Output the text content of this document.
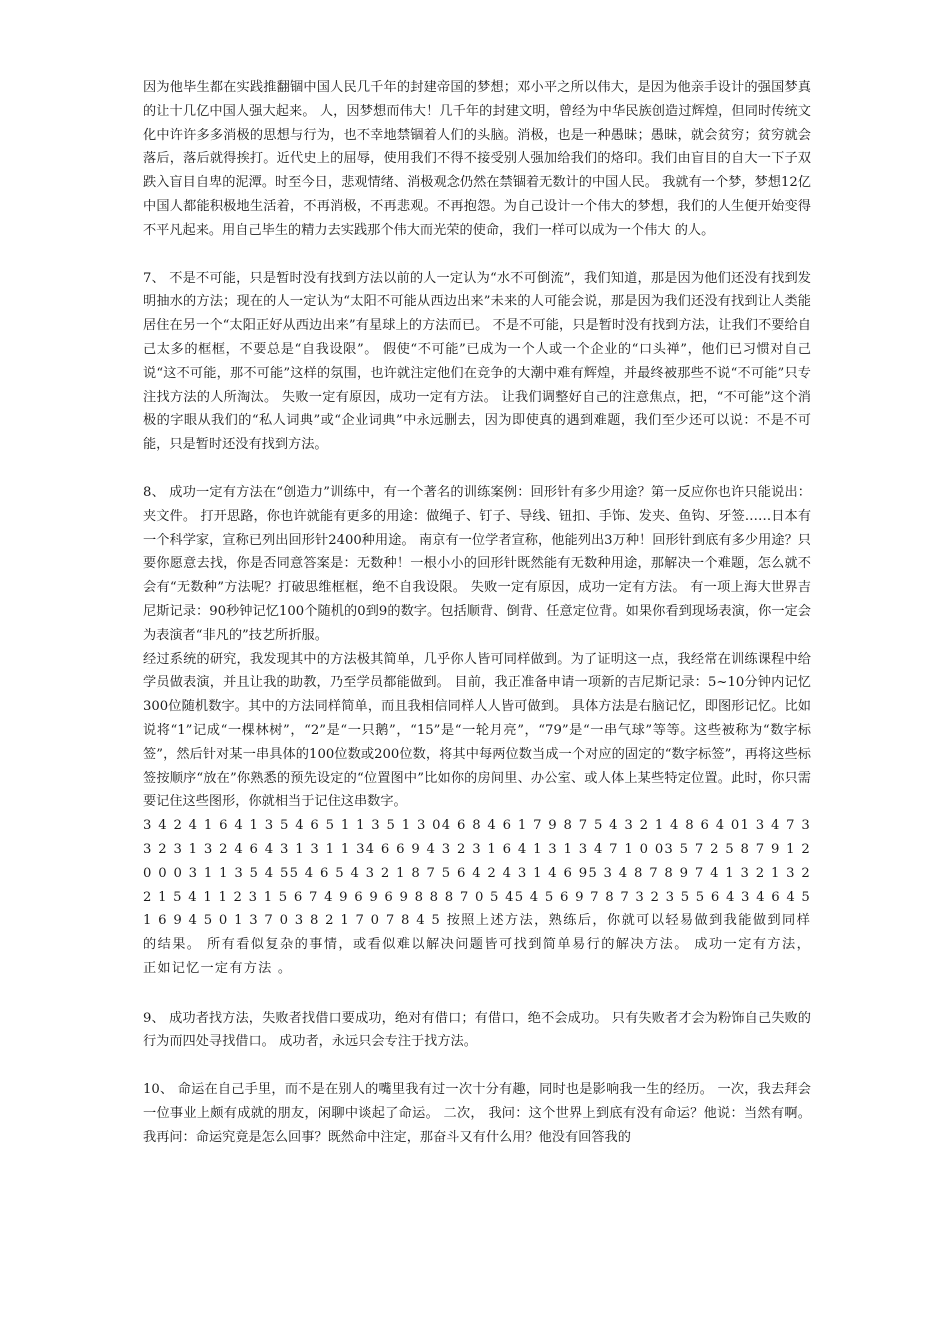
因为他毕生都在实践推翻锢中国人民几千年的封建帝国的梦想；邓小平之所以伟大，是因为他亲手设计的强国梦真的让十几亿中国人强大起来。 人，因梦想而伟大！几千年的封建文明，曾经为中华民族创造过辉煌，但同时传统文化中许许多多消极的思想与行为，也不幸地禁锢着人们的头脑。消极，也是一种愚昧；愚昧，就会贫穷；贫穷就会落后，落后就得挨打。近代史上的屈辱，使用我们不得不接受别人强加给我们的烙印。我们由盲目的自大一下子双跌入盲目自卑的泥潭。时至今日，悲观情绪、消极观念仍然在禁锢着无数计的中国人民。 我就有一个梦，梦想12亿中国人都能积极地生活着，不再消极，不再悲观。不再抱怨。为自己设计一个伟大的梦想，我们的人生便开始变得不平凡起来。用自己毕生的精力去实践那个伟大而光荣的使命，我们一样可以成为一个伟大 的人。

7、 不是不可能，只是暂时没有找到方法以前的人一定认为“水不可倒流”，我们知道，那是因为他们还没有找到发明抽水的方法；现在的人一定认为“太阳不可能从西边出来”未来的人可能会说，那是因为我们还没有找到让人类能居住在另一个“太阳正好从西边出来”有星球上的方法而已。 不是不可能，只是暂时没有找到方法，让我们不要给自己太多的框框，不要总是“自我设限”。 假使“不可能”已成为一个人或一个企业的“口头禅”，他们已习惯对自己说“这不可能，那不可能”这样的氛围，也许就注定他们在竞争的大潮中难有辉煌，并最终被那些不说“不可能”只专注找方法的人所淘汰。 失败一定有原因，成功一定有方法。 让我们调整好自己的注意焦点，把，“不可能”这个消极的字眼从我们的“私人词典”或“企业词典”中永远删去，因为即使真的遇到难题，我们至少还可以说：不是不可能，只是暂时还没有找到方法。

8、 成功一定有方法在“创造力”训练中，有一个著名的训练案例：回形针有多少用途？第一反应你也许只能说出：夹文件。 打开思路，你也许就能有更多的用途：做绳子、钉子、导线、钮扣、手饰、发夹、鱼钩、牙签……日本有一个科学家，宣称已列出回形针2400种用途。 南京有一位学者宣称，他能列出3万种！回形针到底有多少用途？只要你愿意去找，你是否同意答案是：无数种！一根小小的回形针既然能有无数种用途，那解决一个难题，怎么就不会有“无数种”方法呢？打破思维框框，绝不自我设限。 失败一定有原因，成功一定有方法。 有一项上海大世界吉尼斯记录：90秒钟记忆100个随机的0到9的数字。包括顺背、倒背、任意定位背。如果你看到现场表演，你一定会为表演者“非凡的”技艺所折服。
经过系统的研究，我发现其中的方法极其简单，几乎你人皆可同样做到。为了证明这一点，我经常在训练课程中给学员做表演，并且让我的助教，乃至学员都能做到。 目前，我正准备申请一项新的吉尼斯记录：5~10分钟内记忆300位随机数字。其中的方法同样简单，而且我相信同样人人皆可做到。 具体方法是右脑记忆，即图形记忆。比如说将“1”记成“一棵林树”，“2”是“一只鹅”，“15”是“一轮月亮”，“79”是“一串气球”等等。这些被称为“数字标签”，然后针对某一串具体的100位数或200位数，将其中每两位数当成一个对应的固定的“数字标签”，再将这些标签按顺序“放在”你熟悉的预先设定的“位置图中”比如你的房间里、办公室、或人体上某些特定位置。此时，你只需要记住这些图形，你就相当于记住这串数字。

3 4 2 4 1 6 4 1 3 5 4 6 5 1 1 3 5 1 3 04 6 8 4 6 1 7 9 8 7 5 4 3 2 1 4 8 6 4 01 3 4 7 3 3 2 3 1 3 2 4 6 4 3 1 3 1 1 34 6 6 9 4 3 2 3 1 6 4 1 3 1 3 4 7 1 0 03 5 7 2 5 8 7 9 1 2 0 0 0 3 1 1 3 5 4 55 4 6 5 4 3 2 1 8 7 5 6 4 2 4 3 1 4 6 95 3 4 8 7 8 9 7 4 1 3 2 1 3 2 2 1 5 4 1 1 2 3 1 5 6 7 4 9 6 9 6 9 8 8 8 7 0 5 45 4 5 6 9 7 8 7 3 2 3 5 5 6 4 3 4 6 4 51 6 9 4 5 0 1 3 7 0 3 8 2 1 7 0 7 8 4 5 按照上述方法，熟练后，你就可以轻易做到我能做到同样的结果。 所有看似复杂的事情，或看似难以解决问题皆可找到简单易行的解决方法。 成功一定有方法，正如记忆一定有方法 。

9、 成功者找方法，失败者找借口要成功，绝对有借口；有借口，绝不会成功。 只有失败者才会为粉饰自己失败的行为而四处寻找借口。 成功者，永远只会专注于找方法。

10、 命运在自己手里，而不是在别人的嘴里我有过一次十分有趣，同时也是影响我一生的经历。 一次，我去拜会一位事业上颇有成就的朋友，闲聊中谈起了命运。 二次， 我问：这个世界上到底有没有命运？他说：当然有啊。 我再问：命运究竟是怎么回事？既然命中注定，那奋斗又有什么用？他没有回答我的
